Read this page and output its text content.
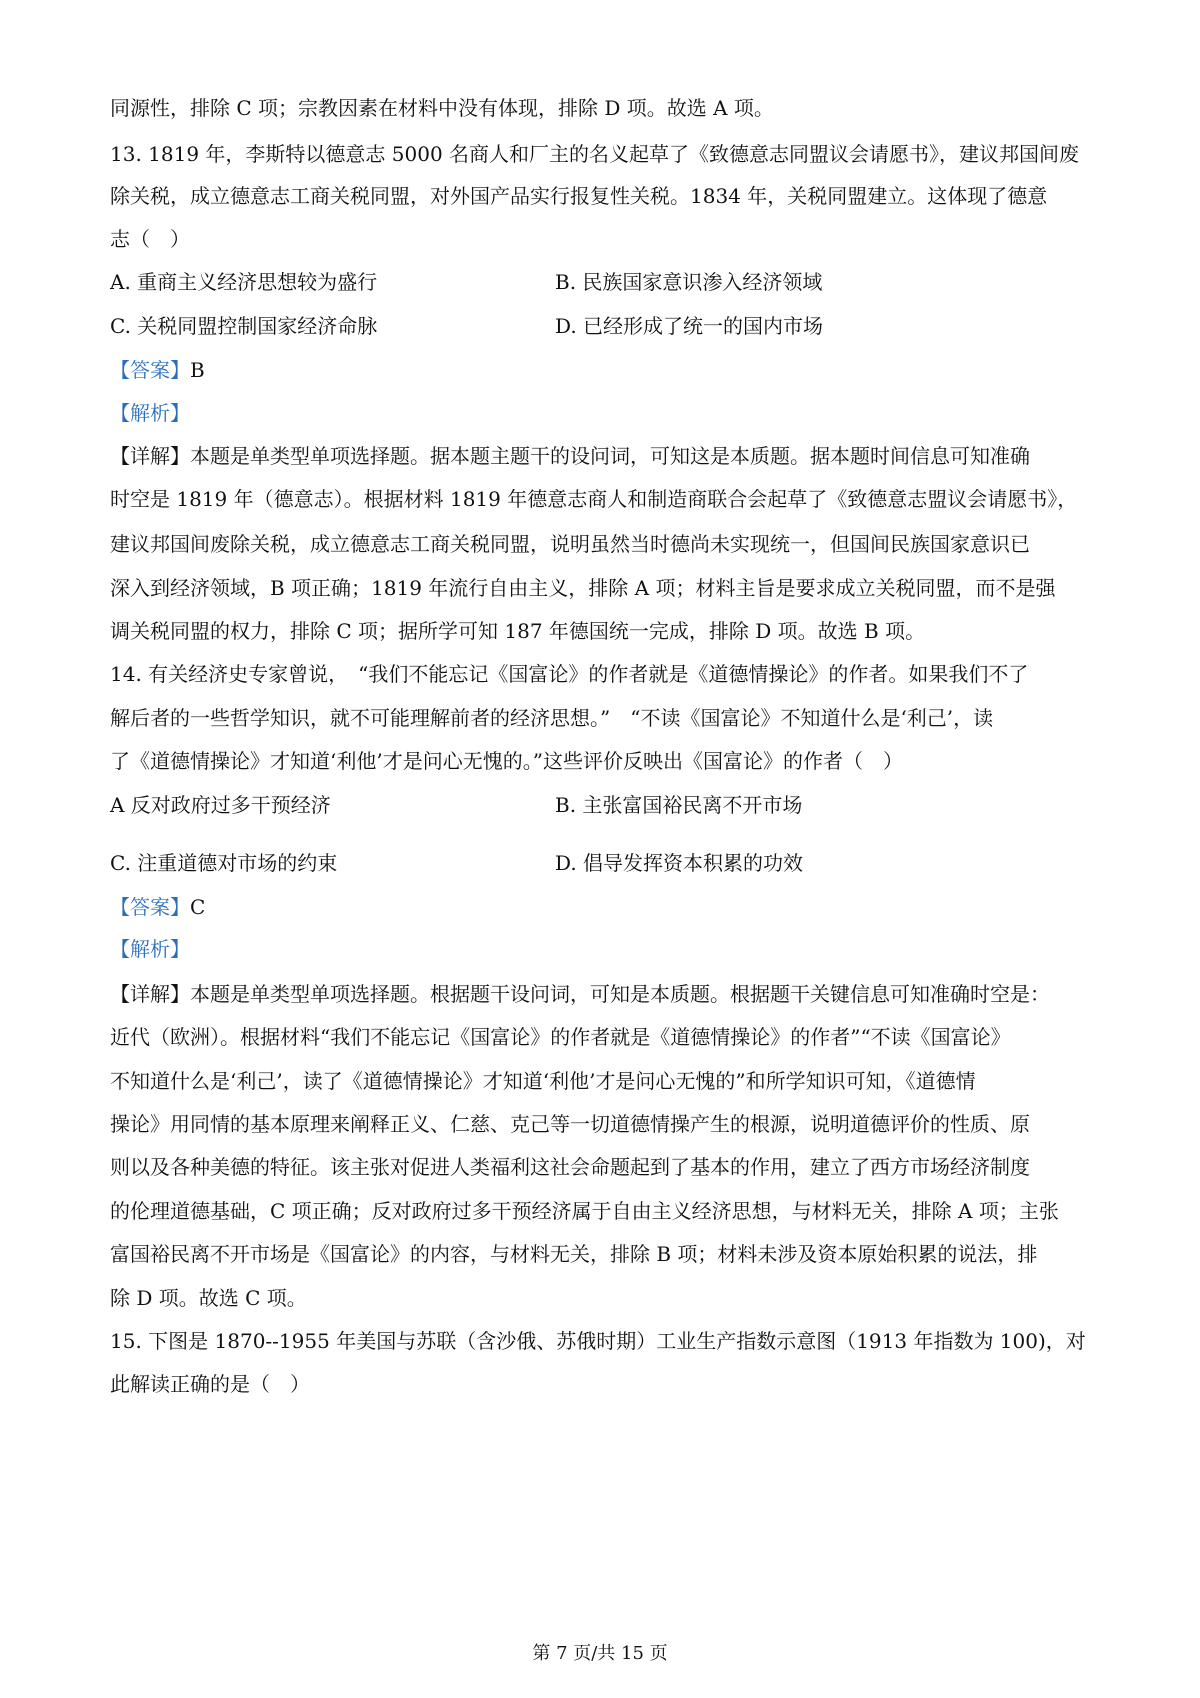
同源性，排除 C 项；宗教因素在材料中没有体现，排除 D 项。故选 A 项。
13. 1819 年，李斯特以德意志 5000 名商人和厂主的名义起草了《致德意志同盟议会请愿书》，建议邦国间废
除关税，成立德意志工商关税同盟，对外国产品实行报复性关税。1834 年，关税同盟建立。这体现了德意
志（　）
A. 重商主义经济思想较为盛行	B. 民族国家意识渗入经济领域
C. 关税同盟控制国家经济命脉	D. 已经形成了统一的国内市场
【答案】B
【解析】
【详解】本题是单类型单项选择题。据本题主题干的设问词，可知这是本质题。据本题时间信息可知准确
时空是 1819 年（德意志）。根据材料 1819 年德意志商人和制造商联合会起草了《致德意志盟议会请愿书》，
建议邦国间废除关税，成立德意志工商关税同盟，说明虽然当时德尚未实现统一，但国间民族国家意识已
深入到经济领域，B 项正确；1819 年流行自由主义，排除 A 项；材料主旨是要求成立关税同盟，而不是强
调关税同盟的权力，排除 C 项；据所学可知 187 年德国统一完成，排除 D 项。故选 B 项。
14. 有关经济史专家曾说，　“我们不能忘记《国富论》的作者就是《道德情操论》的作者。如果我们不了
解后者的一些哲学知识，就不可能理解前者的经济思想。”　“不读《国富论》不知道什么是‘利己’，读
了《道德情操论》才知道‘利他’才是问心无愧的。”这些评价反映出《国富论》的作者（　）
A 反对政府过多干预经济	B. 主张富国裕民离不开市场
C. 注重道德对市场的约束	D. 倡导发挥资本积累的功效
【答案】C
【解析】
【详解】本题是单类型单项选择题。根据题干设问词，可知是本质题。根据题干关键信息可知准确时空是：
近代（欧洲）。根据材料“我们不能忘记《国富论》的作者就是《道德情操论》的作者”“不读《国富论》
不知道什么是‘利己’，读了《道德情操论》才知道‘利他’才是问心无愧的”和所学知识可知，《道德情
操论》用同情的基本原理来阐释正义、仁慈、克己等一切道德情操产生的根源，说明道德评价的性质、原
则以及各种美德的特征。该主张对促进人类福利这社会命题起到了基本的作用，建立了西方市场经济制度
的伦理道德基础，C 项正确；反对政府过多干预经济属于自由主义经济思想，与材料无关，排除 A 项；主张
富国裕民离不开市场是《国富论》的内容，与材料无关，排除 B 项；材料未涉及资本原始积累的说法，排
除 D 项。故选 C 项。
15. 下图是 1870--1955 年美国与苏联（含沙俄、苏俄时期）工业生产指数示意图（1913 年指数为 100)，对
此解读正确的是（　）
第 7 页/共 15 页
